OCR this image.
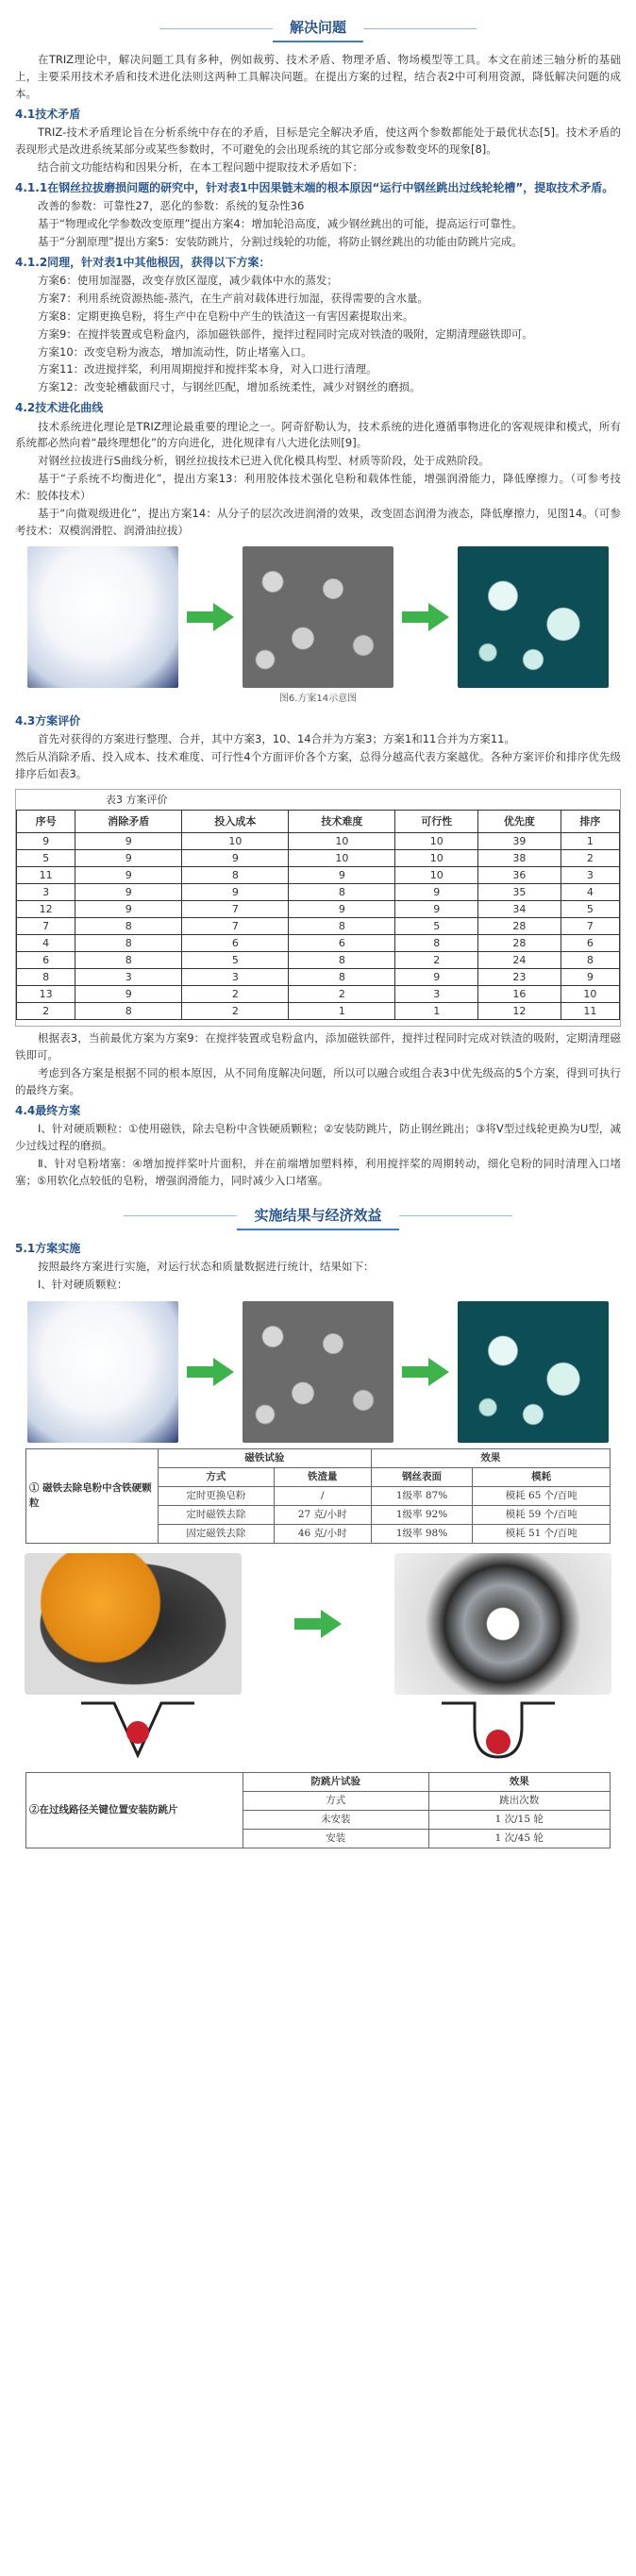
解决问题

在TRIZ理论中，解决问题工具有多种，例如裁剪、技术矛盾、物理矛盾、物场模型等工具。本文在前述三轴分析的基础上，主要采用技术矛盾和技术进化法则这两种工具解决问题。在提出方案的过程，结合表2中可利用资源，降低解决问题的成本。

4.1技术矛盾

TRIZ-技术矛盾理论旨在分析系统中存在的矛盾，目标是完全解决矛盾，使这两个参数都能处于最优状态[5]。技术矛盾的表现形式是改进系统某部分或某些参数时，不可避免的会出现系统的其它部分或参数变坏的现象[8]。

结合前文功能结构和因果分析，在本工程问题中提取技术矛盾如下：

4.1.1在钢丝拉拔磨损问题的研究中，针对表1中因果链末端的根本原因“运行中钢丝跳出过线轮轮槽”，提取技术矛盾。

改善的参数：可靠性27，恶化的参数：系统的复杂性36

基于“物理或化学参数改变原理”提出方案4：增加轮沿高度，减少钢丝跳出的可能，提高运行可靠性。

基于“分割原理”提出方案5：安装防跳片，分割过线轮的功能，将防止钢丝跳出的功能由防跳片完成。

4.1.2同理，针对表1中其他根因，获得以下方案：

方案6：使用加湿器，改变存放区湿度，减少载体中水的蒸发；

方案7：利用系统资源热能-蒸汽，在生产前对载体进行加湿，获得需要的含水量。

方案8：定期更换皂粉，将生产中在皂粉中产生的铁渣这一有害因素提取出来。

方案9：在搅拌装置或皂粉盒内，添加磁铁部件，搅拌过程同时完成对铁渣的吸附，定期清理磁铁即可。

方案10：改变皂粉为液态，增加流动性，防止堵塞入口。

方案11：改进搅拌桨，利用周期搅拌和搅拌桨本身，对入口进行清理。

方案12：改变轮槽截面尺寸，与钢丝匹配，增加系统柔性，减少对钢丝的磨损。

4.2技术进化曲线

技术系统进化理论是TRIZ理论最重要的理论之一。阿奇舒勒认为，技术系统的进化遵循事物进化的客观规律和模式，所有系统都必然向着“最终理想化”的方向进化，进化规律有八大进化法则[9]。

对钢丝拉拔进行S曲线分析，钢丝拉拔技术已进入优化模具构型、材质等阶段，处于成熟阶段。

基于“子系统不均衡进化”，提出方案13：利用胶体技术强化皂粉和载体性能，增强润滑能力，降低摩擦力。（可参考技术：胶体技术）

基于“向微观级进化”，提出方案14：从分子的层次改进润滑的效果，改变固态润滑为液态，降低摩擦力，见图14。（可参考技术：双模润滑腔、润滑油拉拔）

图6.方案14示意图
4.3方案评价

首先对获得的方案进行整理、合并，其中方案3，10、14合并为方案3；方案1和11合并为方案11。

然后从消除矛盾、投入成本、技术难度、可行性4个方面评价各个方案，总得分越高代表方案越优。各种方案评价和排序优先级排序后如表3。

表3 方案评价
序号	消除矛盾	投入成本	技术难度	可行性	优先度	排序
9	9	10	10	10	39	1
5	9	9	10	10	38	2
11	9	8	9	10	36	3
3	9	9	8	9	35	4
12	9	7	9	9	34	5
7	8	7	8	5	28	7
4	8	6	6	8	28	6
6	8	5	8	2	24	8
8	3	3	8	9	23	9
13	9	2	2	3	16	10
2	8	2	1	1	12	11

根据表3，当前最优方案为方案9：在搅拌装置或皂粉盒内，添加磁铁部件，搅拌过程同时完成对铁渣的吸附，定期清理磁铁即可。

考虑到各方案是根据不同的根本原因，从不同角度解决问题，所以可以融合或组合表3中优先级高的5个方案，得到可执行的最终方案。

4.4最终方案

Ⅰ、针对硬质颗粒：①使用磁铁，除去皂粉中含铁硬质颗粒；②安装防跳片，防止钢丝跳出；③将V型过线轮更换为U型，减少过线过程的磨损。

Ⅱ、针对皂粉堵塞：④增加搅拌桨叶片面积，并在前端增加塑料棒，利用搅拌桨的周期转动，细化皂粉的同时清理入口堵塞；⑤用软化点较低的皂粉，增强润滑能力，同时减少入口堵塞。

实施结果与经济效益
5.1方案实施

按照最终方案进行实施，对运行状态和质量数据进行统计，结果如下：

Ⅰ、针对硬质颗粒：

① 磁铁去除皂粉中含铁硬颗粒	磁铁试验		效果	
	方式	铁渣量	钢丝表面	模耗
	定时更换皂粉	/	1级率 87%	模耗 65 个/百吨
	定时磁铁去除	27 克/小时	1级率 92%	模耗 59 个/百吨
	固定磁铁去除	46 克/小时	1级率 98%	模耗 51 个/百吨
②在过线路径关键位置安装防跳片	防跳片试验	效果
	方式	跳出次数
	未安装	1 次/15 轮
	安装	1 次/45 轮
